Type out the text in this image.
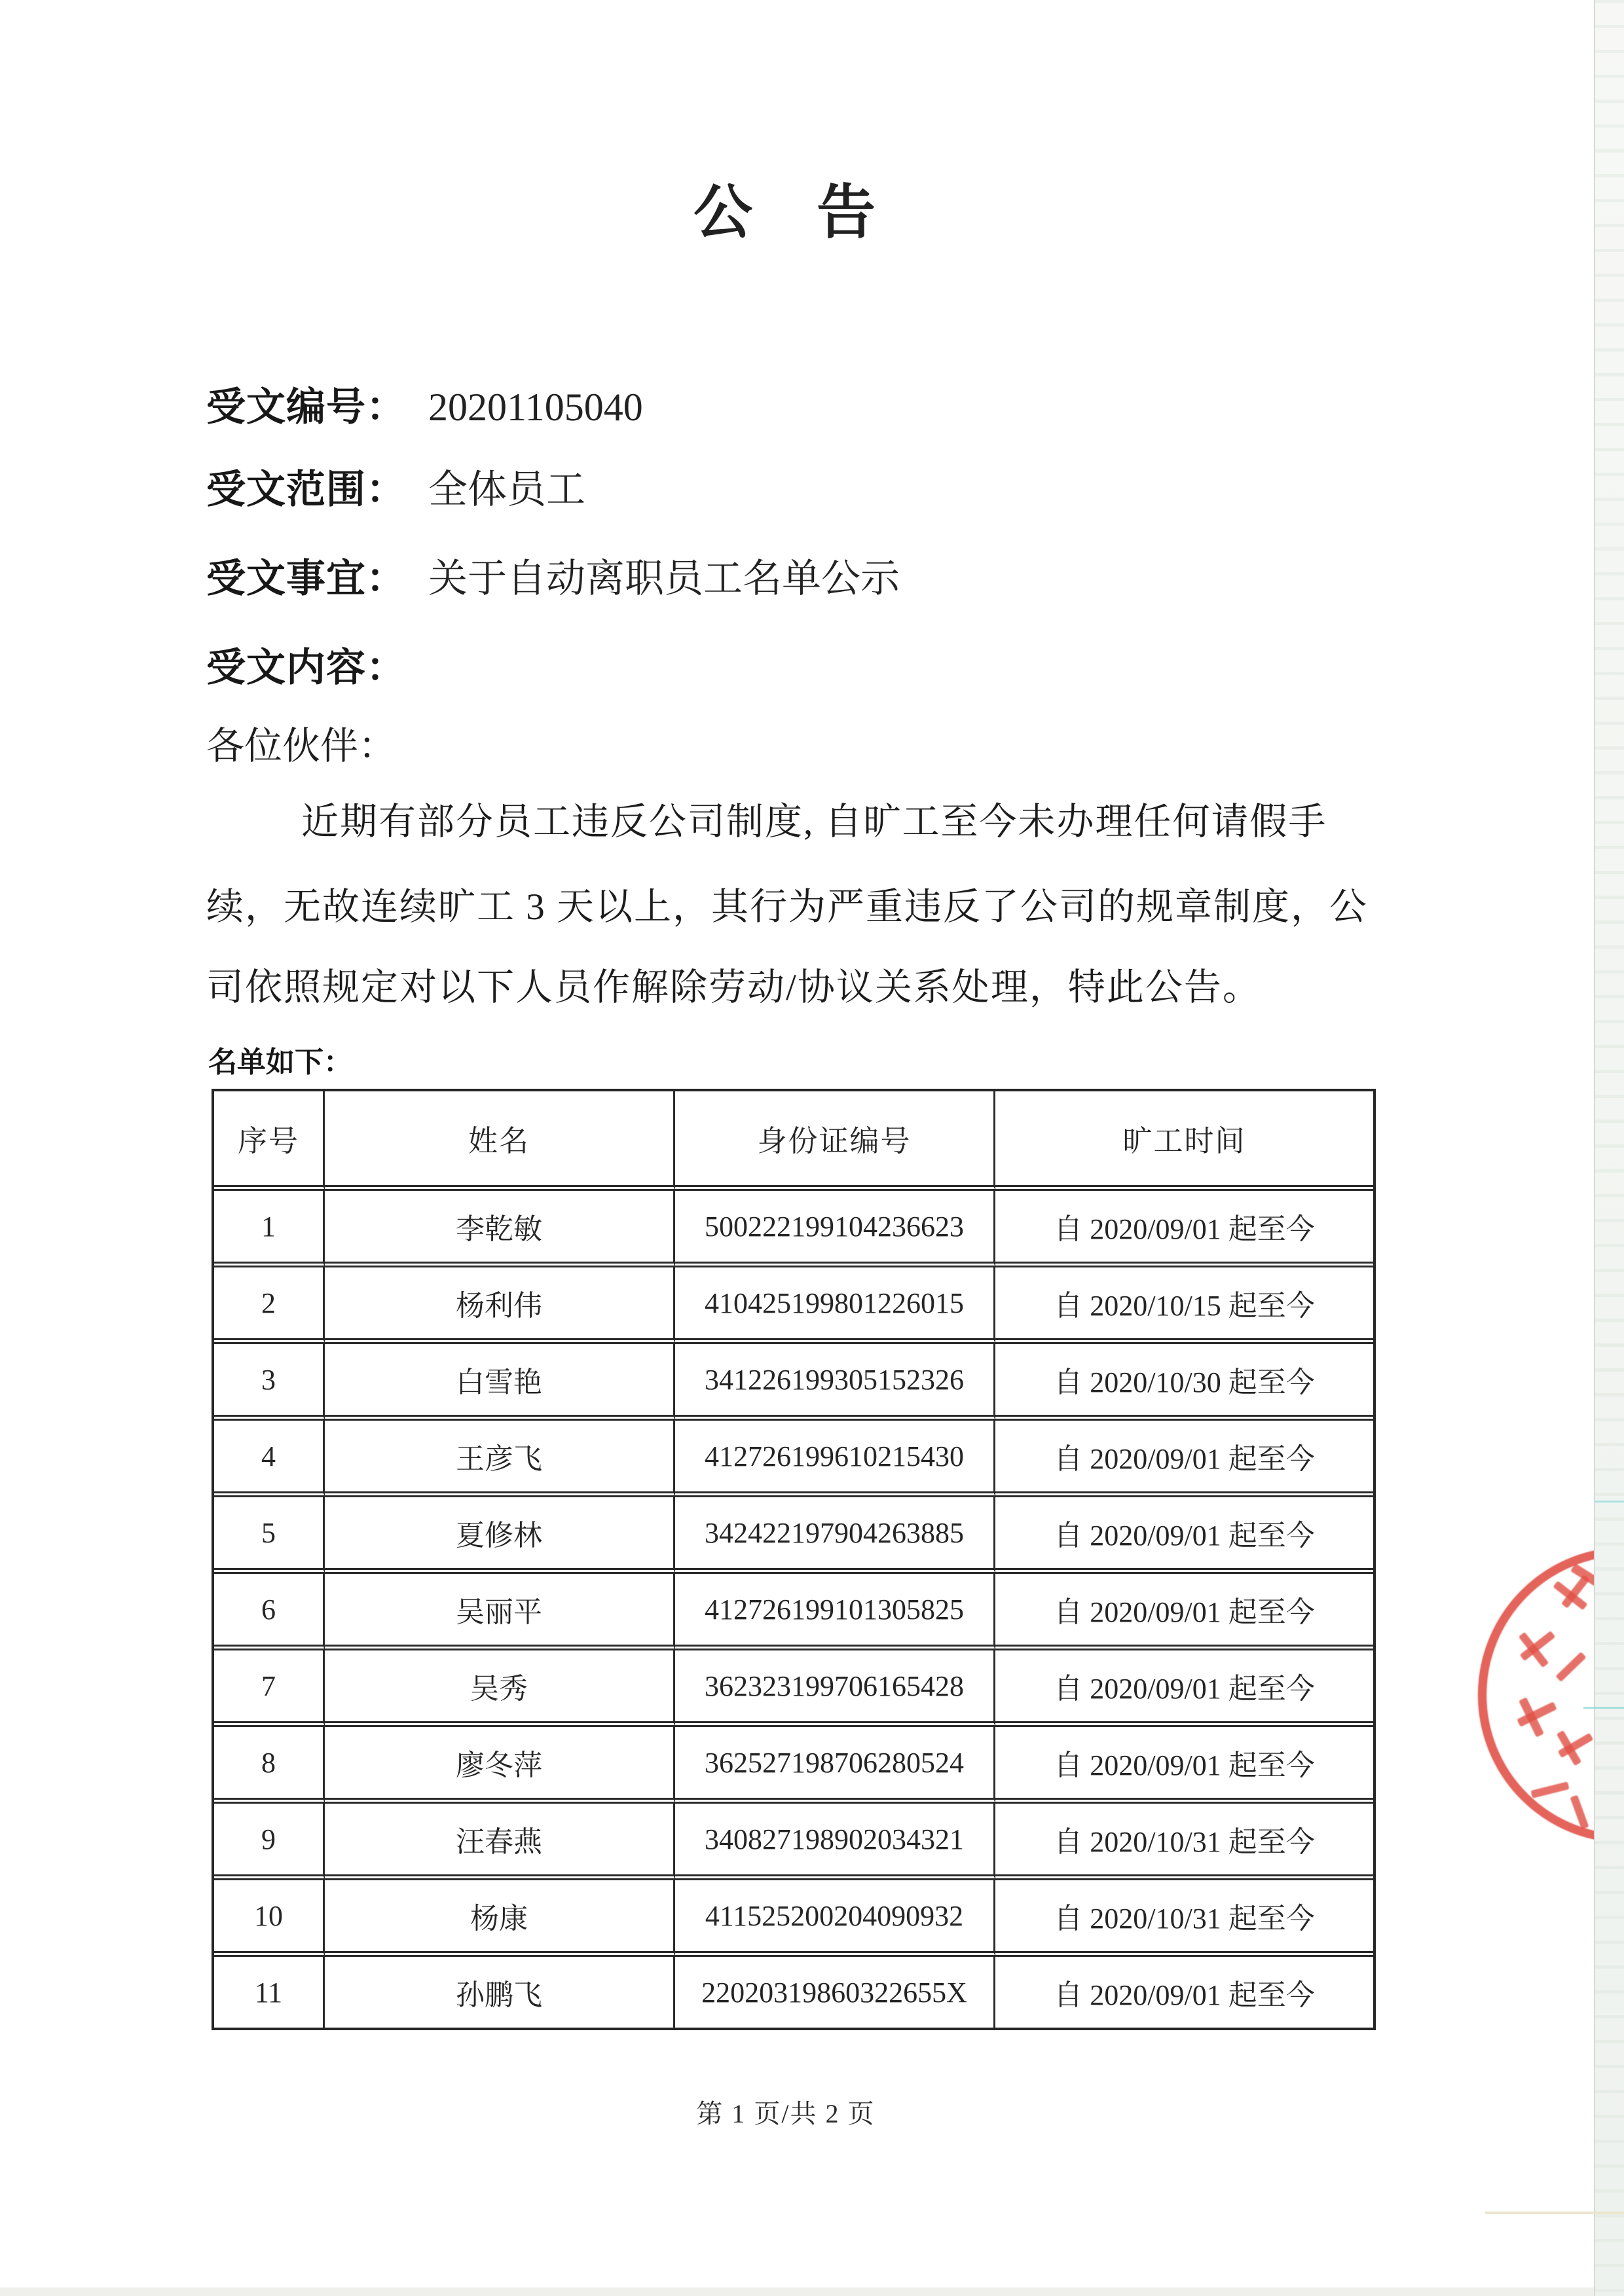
公　告
受文编号： 20201105040
受文范围： 全体员工
受文事宜： 关于自动离职员工名单公示
受文内容：
各位伙伴：
近期有部分员工违反公司制度, 自旷工至今未办理任何请假手
续，无故连续旷工 3 天以上，其行为严重违反了公司的规章制度，公
司依照规定对以下人员作解除劳动/协议关系处理，特此公告。
名单如下：
序号	姓名	身份证编号	旷工时间
1	李乾敏	500222199104236623	自 2020/09/01 起至今
2	杨利伟	410425199801226015	自 2020/10/15 起至今
3	白雪艳	341226199305152326	自 2020/10/30 起至今
4	王彦飞	412726199610215430	自 2020/09/01 起至今
5	夏修林	342422197904263885	自 2020/09/01 起至今
6	吴丽平	412726199101305825	自 2020/09/01 起至今
7	吴秀	362323199706165428	自 2020/09/01 起至今
8	廖冬萍	362527198706280524	自 2020/09/01 起至今
9	汪春燕	340827198902034321	自 2020/10/31 起至今
10	杨康	411525200204090932	自 2020/10/31 起至今
11	孙鹏飞	22020319860322655X	自 2020/09/01 起至今
第 1 页/共 2 页
